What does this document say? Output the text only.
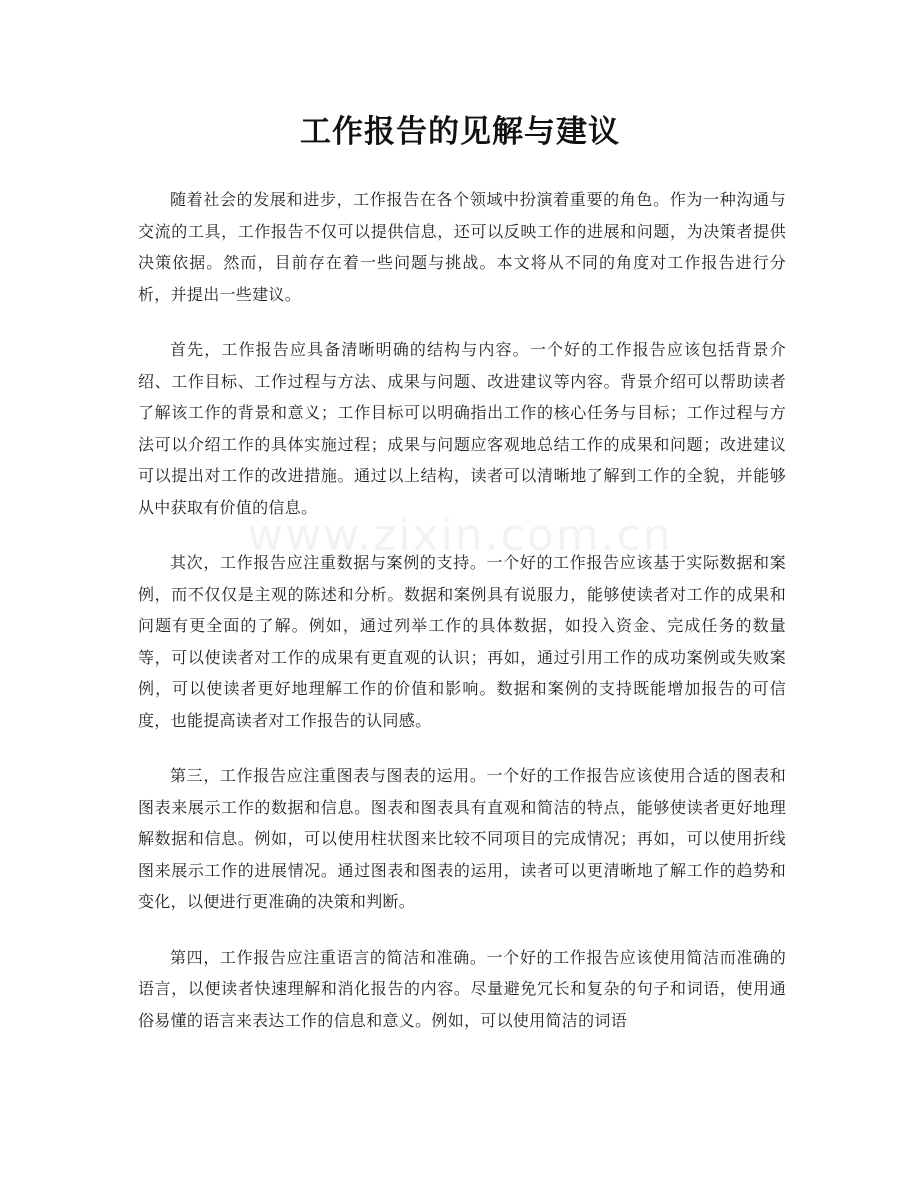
工作报告的见解与建议
www.zixin.com.cn

随着社会的发展和进步，工作报告在各个领域中扮演着重要的角色。作为一种沟通与交流的工具，工作报告不仅可以提供信息，还可以反映工作的进展和问题，为决策者提供决策依据。然而，目前存在着一些问题与挑战。本文将从不同的角度对工作报告进行分析，并提出一些建议。

首先，工作报告应具备清晰明确的结构与内容。一个好的工作报告应该包括背景介绍、工作目标、工作过程与方法、成果与问题、改进建议等内容。背景介绍可以帮助读者了解该工作的背景和意义；工作目标可以明确指出工作的核心任务与目标；工作过程与方法可以介绍工作的具体实施过程；成果与问题应客观地总结工作的成果和问题；改进建议可以提出对工作的改进措施。通过以上结构，读者可以清晰地了解到工作的全貌，并能够从中获取有价值的信息。

其次，工作报告应注重数据与案例的支持。一个好的工作报告应该基于实际数据和案例，而不仅仅是主观的陈述和分析。数据和案例具有说服力，能够使读者对工作的成果和问题有更全面的了解。例如，通过列举工作的具体数据，如投入资金、完成任务的数量等，可以使读者对工作的成果有更直观的认识；再如，通过引用工作的成功案例或失败案例，可以使读者更好地理解工作的价值和影响。数据和案例的支持既能增加报告的可信度，也能提高读者对工作报告的认同感。

第三，工作报告应注重图表与图表的运用。一个好的工作报告应该使用合适的图表和图表来展示工作的数据和信息。图表和图表具有直观和简洁的特点，能够使读者更好地理解数据和信息。例如，可以使用柱状图来比较不同项目的完成情况；再如，可以使用折线图来展示工作的进展情况。通过图表和图表的运用，读者可以更清晰地了解工作的趋势和变化，以便进行更准确的决策和判断。

第四，工作报告应注重语言的简洁和准确。一个好的工作报告应该使用简洁而准确的语言，以便读者快速理解和消化报告的内容。尽量避免冗长和复杂的句子和词语，使用通俗易懂的语言来表达工作的信息和意义。例如，可以使用简洁的词语
